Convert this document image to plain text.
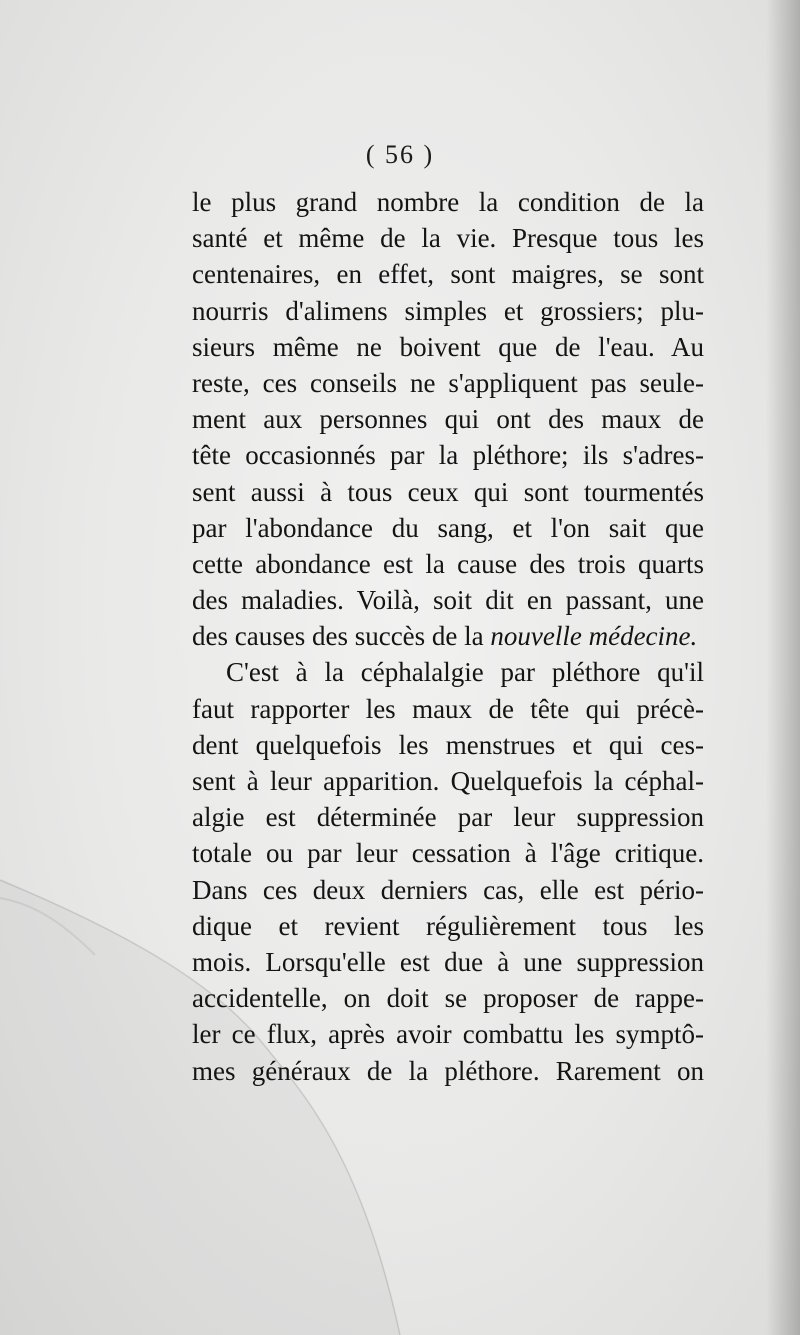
( 56 )
le plus grand nombre la condition de la
santé et même de la vie. Presque tous les
centenaires, en effet, sont maigres, se sont
nourris d'alimens simples et grossiers; plu-
sieurs même ne boivent que de l'eau. Au
reste, ces conseils ne s'appliquent pas seule-
ment aux personnes qui ont des maux de
tête occasionnés par la pléthore; ils s'adres-
sent aussi à tous ceux qui sont tourmentés
par l'abondance du sang, et l'on sait que
cette abondance est la cause des trois quarts
des maladies. Voilà, soit dit en passant, une
des causes des succès de la nouvelle médecine.
C'est à la céphalalgie par pléthore qu'il
faut rapporter les maux de tête qui précè-
dent quelquefois les menstrues et qui ces-
sent à leur apparition. Quelquefois la céphal-
algie est déterminée par leur suppression
totale ou par leur cessation à l'âge critique.
Dans ces deux derniers cas, elle est pério-
dique et revient régulièrement tous les
mois. Lorsqu'elle est due à une suppression
accidentelle, on doit se proposer de rappe-
ler ce flux, après avoir combattu les symptô-
mes généraux de la pléthore. Rarement on
